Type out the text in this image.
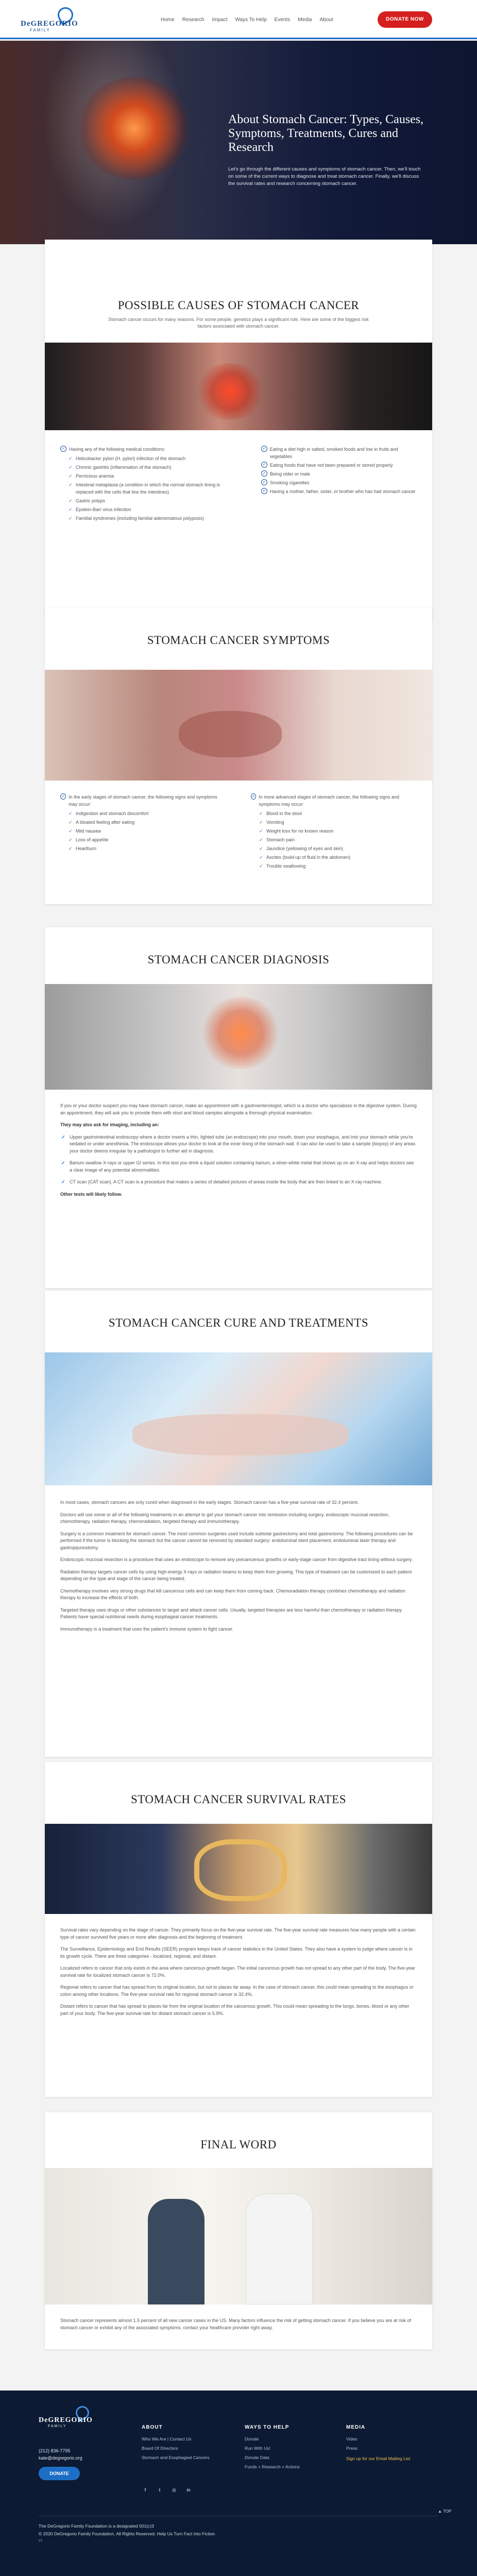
DeGREGORIO
FAMILY
Home Research Impact Ways To Help Events Media About	DONATE NOW
About Stomach Cancer: Types, Causes, Symptoms, Treatments, Cures and Research

Let's go through the different causes and symptoms of stomach cancer. Then, we'll touch on some of the current ways to diagnose and treat stomach cancer. Finally, we'll discuss the survival rates and research concerning stomach cancer.

POSSIBLE CAUSES OF STOMACH CANCER
Stomach cancer occurs for many reasons. For some people, genetics plays a significant role. Here are some of the biggest risk factors associated with stomach cancer.
✓ Having any of the following medical conditions:
✓ Helicobacter pylori (H. pylori) infection of the stomach
✓ Chronic gastritis (inflammation of the stomach)
✓ Pernicious anemia
✓ Intestinal metaplasia (a condition in which the normal stomach lining is replaced with the cells that line the intestines)
✓ Gastric polyps
✓ Epstein-Barr virus infection
✓ Familial syndromes (including familial adenomatous polyposis)
✓ Eating a diet high in salted, smoked foods and low in fruits and vegetables
✓ Eating foods that have not been prepared or stored properly
✓ Being older or male
✓ Smoking cigarettes
✓ Having a mother, father, sister, or brother who has had stomach cancer
STOMACH CANCER SYMPTOMS
✓ In the early stages of stomach cancer, the following signs and symptoms may occur:
✓ Indigestion and stomach discomfort
✓ A bloated feeling after eating
✓ Mild nausea
✓ Loss of appetite
✓ Heartburn
✓ In more advanced stages of stomach cancer, the following signs and symptoms may occur:
✓ Blood in the stool
✓ Vomiting
✓ Weight loss for no known reason
✓ Stomach pain
✓ Jaundice (yellowing of eyes and skin)
✓ Ascites (build-up of fluid in the abdomen)
✓ Trouble swallowing
STOMACH CANCER DIAGNOSIS

If you or your doctor suspect you may have stomach cancer, make an appointment with a gastroenterologist, which is a doctor who specializes in the digestive system. During an appointment, they will ask you to provide them with stool and blood samples alongside a thorough physical examination.

They may also ask for imaging, including an:

✓ Upper gastrointestinal endoscopy where a doctor inserts a thin, lighted tube (an endoscope) into your mouth, down your esophagus, and into your stomach while you're sedated or under anesthesia. The endoscope allows your doctor to look at the inner lining of the stomach wall. It can also be used to take a sample (biopsy) of any areas your doctor deems irregular by a pathologist to further aid in diagnosis.

✓ Barium swallow X-rays or upper GI series. In this test you drink a liquid solution containing barium, a silver-white metal that shows up on an X-ray and helps doctors see a clear image of any potential abnormalities.

✓ CT scan (CAT scan). A CT scan is a procedure that makes a series of detailed pictures of areas inside the body that are then linked to an X-ray machine.

Other tests will likely follow.

STOMACH CANCER CURE AND TREATMENTS

In most cases, stomach cancers are only cured when diagnosed in the early stages. Stomach cancer has a five-year survival rate of 32.4 percent.

Doctors will use some or all of the following treatments in an attempt to get your stomach cancer into remission including surgery, endoscopic mucosal resection, chemotherapy, radiation therapy, chemoradiation, targeted therapy and immunotherapy.

Surgery is a common treatment for stomach cancer. The most common surgeries used include subtotal gastrectomy and total gastrectomy. The following procedures can be performed if the tumor is blocking the stomach but the cancer cannot be removed by standard surgery: endoluminal stent placement, endoluminal laser therapy and gastrojejunostomy.

Endoscopic mucosal resection is a procedure that uses an endoscope to remove any precancerous growths or early-stage cancer from digestive tract lining without surgery.

Radiation therapy targets cancer cells by using high-energy X-rays or radiation beams to keep them from growing. This type of treatment can be customized to each patient depending on the type and stage of the cancer being treated.

Chemotherapy involves very strong drugs that kill cancerous cells and can keep them from coming back. Chemoradiation therapy combines chemotherapy and radiation therapy to increase the effects of both.

Targeted therapy uses drugs or other substances to target and attack cancer cells. Usually, targeted therapies are less harmful than chemotherapy or radiation therapy. Patients have special nutritional needs during esophageal cancer treatments.

Immunotherapy is a treatment that uses the patient's immune system to fight cancer.

STOMACH CANCER SURVIVAL RATES

Survival rates vary depending on the stage of cancer. They primarily focus on the five-year survival rate. The five-year survival rate measures how many people with a certain type of cancer survived five years or more after diagnosis and the beginning of treatment.

The Surveillance, Epidemiology and End Results (SEER) program keeps track of cancer statistics in the United States. They also have a system to judge where cancer is in its growth cycle. There are three categories - localized, regional, and distant.

Localized refers to cancer that only exists in the area where cancerous growth began. The initial cancerous growth has not spread to any other part of the body. The five-year survival rate for localized stomach cancer is 72.0%.

Regional refers to cancer that has spread from its original location, but not to places far away. In the case of stomach cancer, this could mean spreading to the esophagus or colon among other locations. The five-year survival rate for regional stomach cancer is 32.4%.

Distant refers to cancer that has spread to places far from the original location of the cancerous growth. This could mean spreading to the lungs, bones, blood or any other part of your body. The five-year survival rate for distant stomach cancer is 5.9%.

FINAL WORD
Stomach cancer represents almost 1.5 percent of all new cancer cases in the US. Many factors influence the risk of getting stomach cancer. If you believe you are at risk of stomach cancer or exhibit any of the associated symptoms, contact your healthcare provider right away.
DeGREGORIO
FAMILY
(212) 836-7795
kate@degregorio.org
DONATE
ABOUT
Who We Are | Contact Us
Board Of Directors
Stomach and Esophageal Cancers
WAYS TO HELP
Donate
Run With Us!
Donate Data
Funds + Research = Actions
MEDIA
Video
Press
Sign up for our Email Mailing List
f	t	◎	in
The DeGregorio Family Foundation is a designated 501(c)3
© 2020 DeGregorio Family Foundation. All Rights Reserved. Help Us Turn Fact Into Fiction
v1
▲ TOP
